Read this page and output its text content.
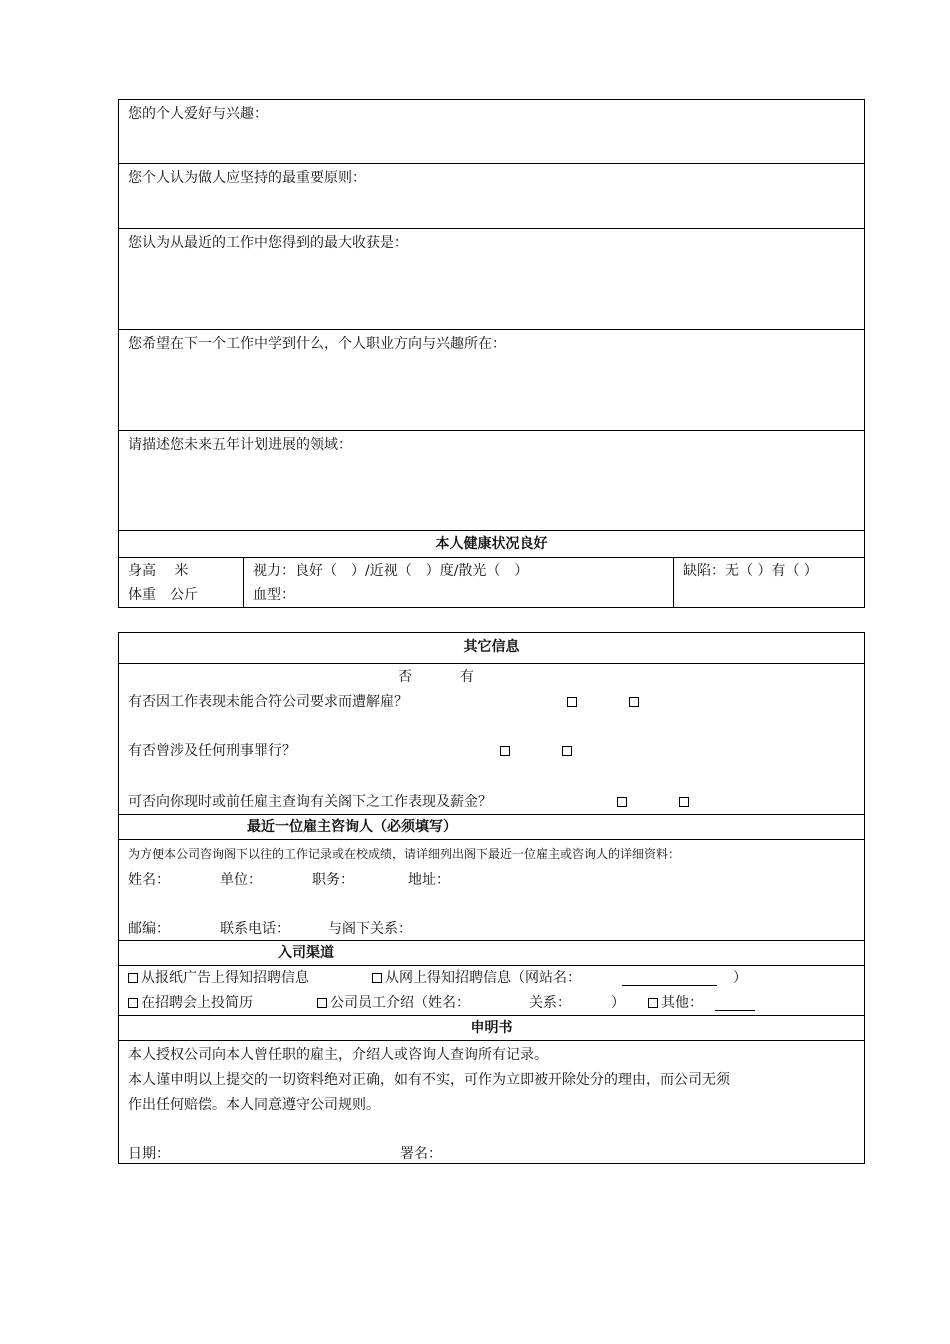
您的个人爱好与兴趣：
您个人认为做人应坚持的最重要原则：
您认为从最近的工作中您得到的最大收获是：
您希望在下一个工作中学到什么，个人职业方向与兴趣所在：
请描述您未来五年计划进展的领域：
本人健康状况良好
身高　 米
体重　公斤
视力：良好（　）/近视（　）度/散光（　）
血型：
缺陷：无（ ）有（ ）
其它信息
否	有
有否因工作表现未能合符公司要求而遭解雇？
有否曾涉及任何刑事罪行？
可否向你现时或前任雇主查询有关阁下之工作表现及薪金？
最近一位雇主咨询人（必须填写）
为方便本公司咨询阁下以往的工作记录或在校成绩，请详细列出阁下最近一位雇主或咨询人的详细资料：
姓名：	单位：	职务：	地址：
邮编：	联系电话：	与阁下关系：
入司渠道
从报纸广告上得知招聘信息	从网上得知招聘信息（网站名：	）
在招聘会上投简历	公司员工介绍（姓名：	关系：	）	其他：
申明书
本人授权公司向本人曾任职的雇主，介绍人或咨询人查询所有记录。
本人谨申明以上提交的一切资料绝对正确，如有不实，可作为立即被开除处分的理由，而公司无须
作出任何赔偿。本人同意遵守公司规则。
日期：	署名：
